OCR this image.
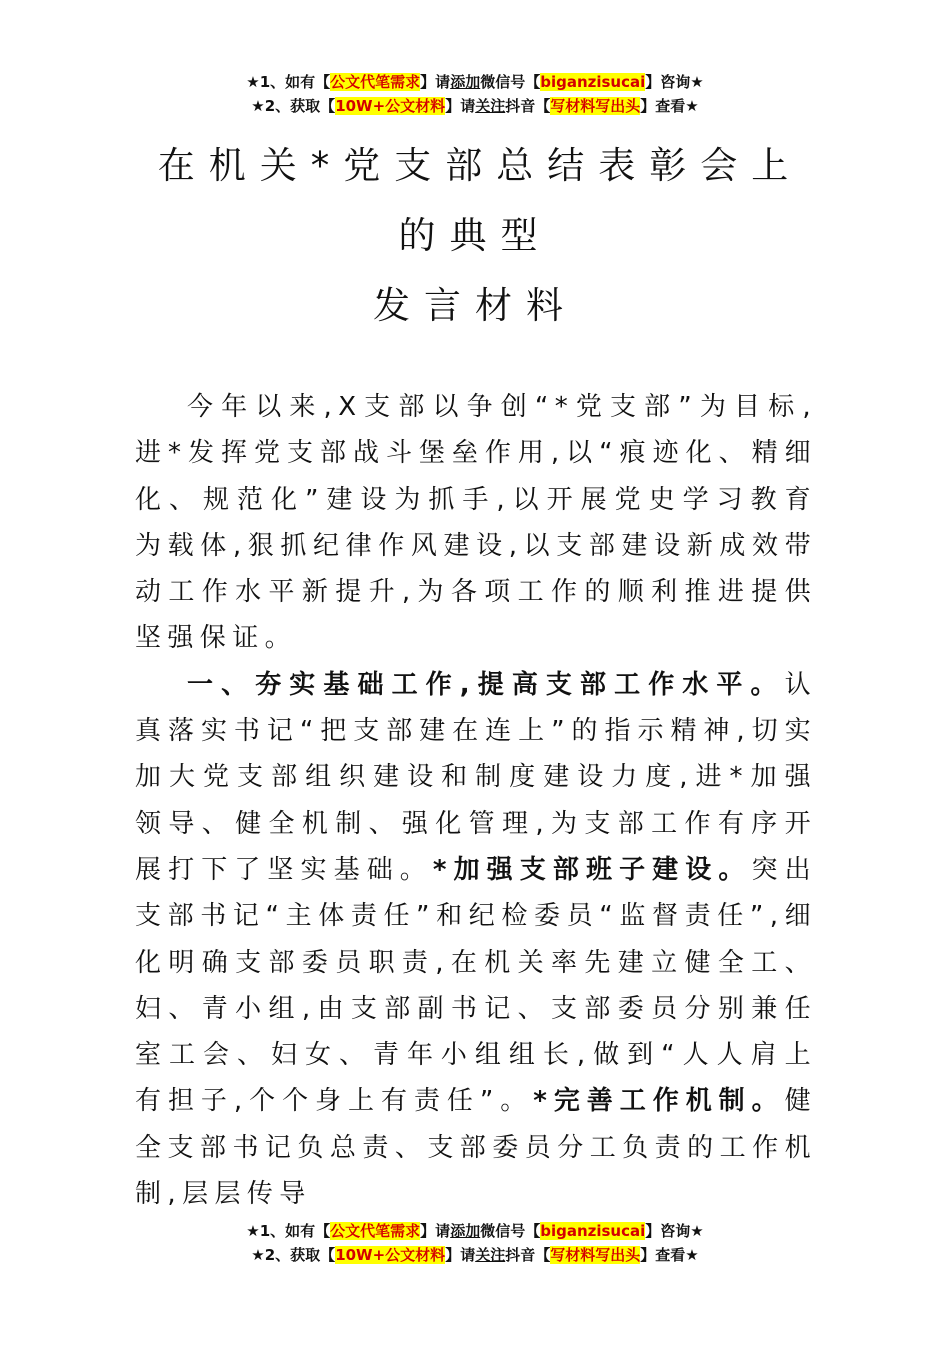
★1、如有【公文代笔需求】请添加微信号【biganzisucai】咨询★
★2、获取【10W+公文材料】请关注抖音【写材料写出头】查看★
在机关*党支部总结表彰会上
的典型
发言材料

今年以来,X支部以争创“*党支部”为目标,进*发挥党支部战斗堡垒作用,以“痕迹化、精细化、规范化”建设为抓手,以开展党史学习教育为载体,狠抓纪律作风建设,以支部建设新成效带动工作水平新提升,为各项工作的顺利推进提供坚强保证。

一、夯实基础工作,提高支部工作水平。认真落实书记“把支部建在连上”的指示精神,切实加大党支部组织建设和制度建设力度,进*加强领导、健全机制、强化管理,为支部工作有序开展打下了坚实基础。*加强支部班子建设。突出支部书记“主体责任”和纪检委员“监督责任”,细化明确支部委员职责,在机关率先建立健全工、妇、青小组,由支部副书记、支部委员分别兼任室工会、妇女、青年小组组长,做到“人人肩上有担子,个个身上有责任”。*完善工作机制。健全支部书记负总责、支部委员分工负责的工作机制,层层传导

★1、如有【公文代笔需求】请添加微信号【biganzisucai】咨询★
★2、获取【10W+公文材料】请关注抖音【写材料写出头】查看★
